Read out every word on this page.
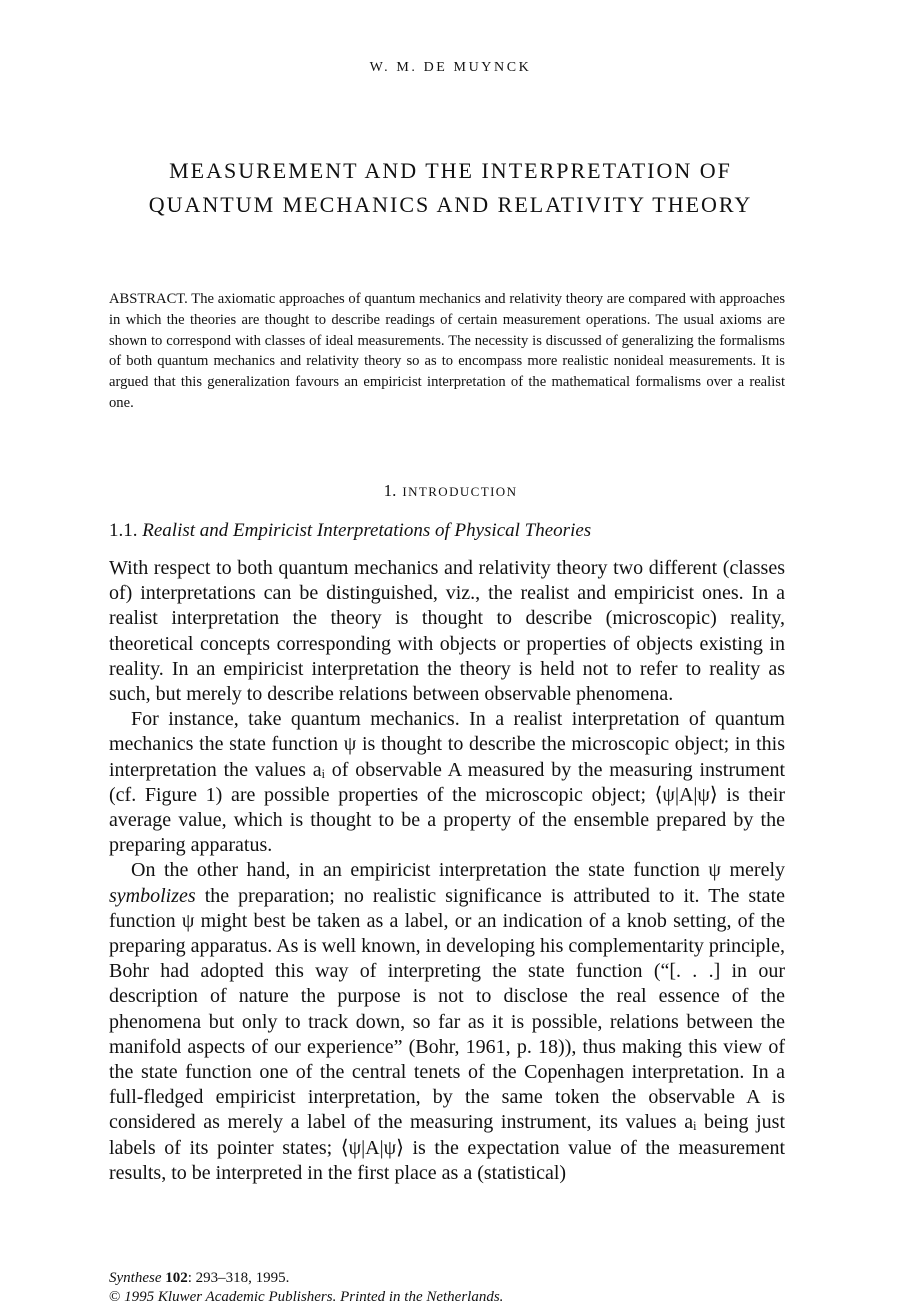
W. M. DE MUYNCK
MEASUREMENT AND THE INTERPRETATION OF
QUANTUM MECHANICS AND RELATIVITY THEORY
ABSTRACT. The axiomatic approaches of quantum mechanics and relativity theory are compared with approaches in which the theories are thought to describe readings of certain measurement operations. The usual axioms are shown to correspond with classes of ideal measurements. The necessity is discussed of generalizing the formalisms of both quantum mechanics and relativity theory so as to encompass more realistic nonideal measurements. It is argued that this generalization favours an empiricist interpretation of the mathematical formalisms over a realist one.
1. INTRODUCTION
1.1. Realist and Empiricist Interpretations of Physical Theories

With respect to both quantum mechanics and relativity theory two different (classes of) interpretations can be distinguished, viz., the realist and empiricist ones. In a realist interpretation the theory is thought to describe (microscopic) reality, theoretical concepts corresponding with objects or properties of objects existing in reality. In an empiricist interpretation the theory is held not to refer to reality as such, but merely to describe relations between observable phenomena.

For instance, take quantum mechanics. In a realist interpretation of quantum mechanics the state function ψ is thought to describe the microscopic object; in this interpretation the values aᵢ of observable A measured by the measuring instrument (cf. Figure 1) are possible properties of the microscopic object; ⟨ψ|A|ψ⟩ is their average value, which is thought to be a property of the ensemble prepared by the preparing apparatus.

On the other hand, in an empiricist interpretation the state function ψ merely symbolizes the preparation; no realistic significance is attributed to it. The state function ψ might best be taken as a label, or an indication of a knob setting, of the preparing apparatus. As is well known, in developing his complementarity principle, Bohr had adopted this way of interpreting the state function (“[. . .] in our description of nature the purpose is not to disclose the real essence of the phenomena but only to track down, so far as it is possible, relations between the manifold aspects of our experience” (Bohr, 1961, p. 18)), thus making this view of the state function one of the central tenets of the Copenhagen interpretation. In a full-fledged empiricist interpretation, by the same token the observable A is considered as merely a label of the measuring instrument, its values aᵢ being just labels of its pointer states; ⟨ψ|A|ψ⟩ is the expectation value of the measurement results, to be interpreted in the first place as a (statistical)

Synthese 102: 293–318, 1995.
© 1995 Kluwer Academic Publishers. Printed in the Netherlands.
